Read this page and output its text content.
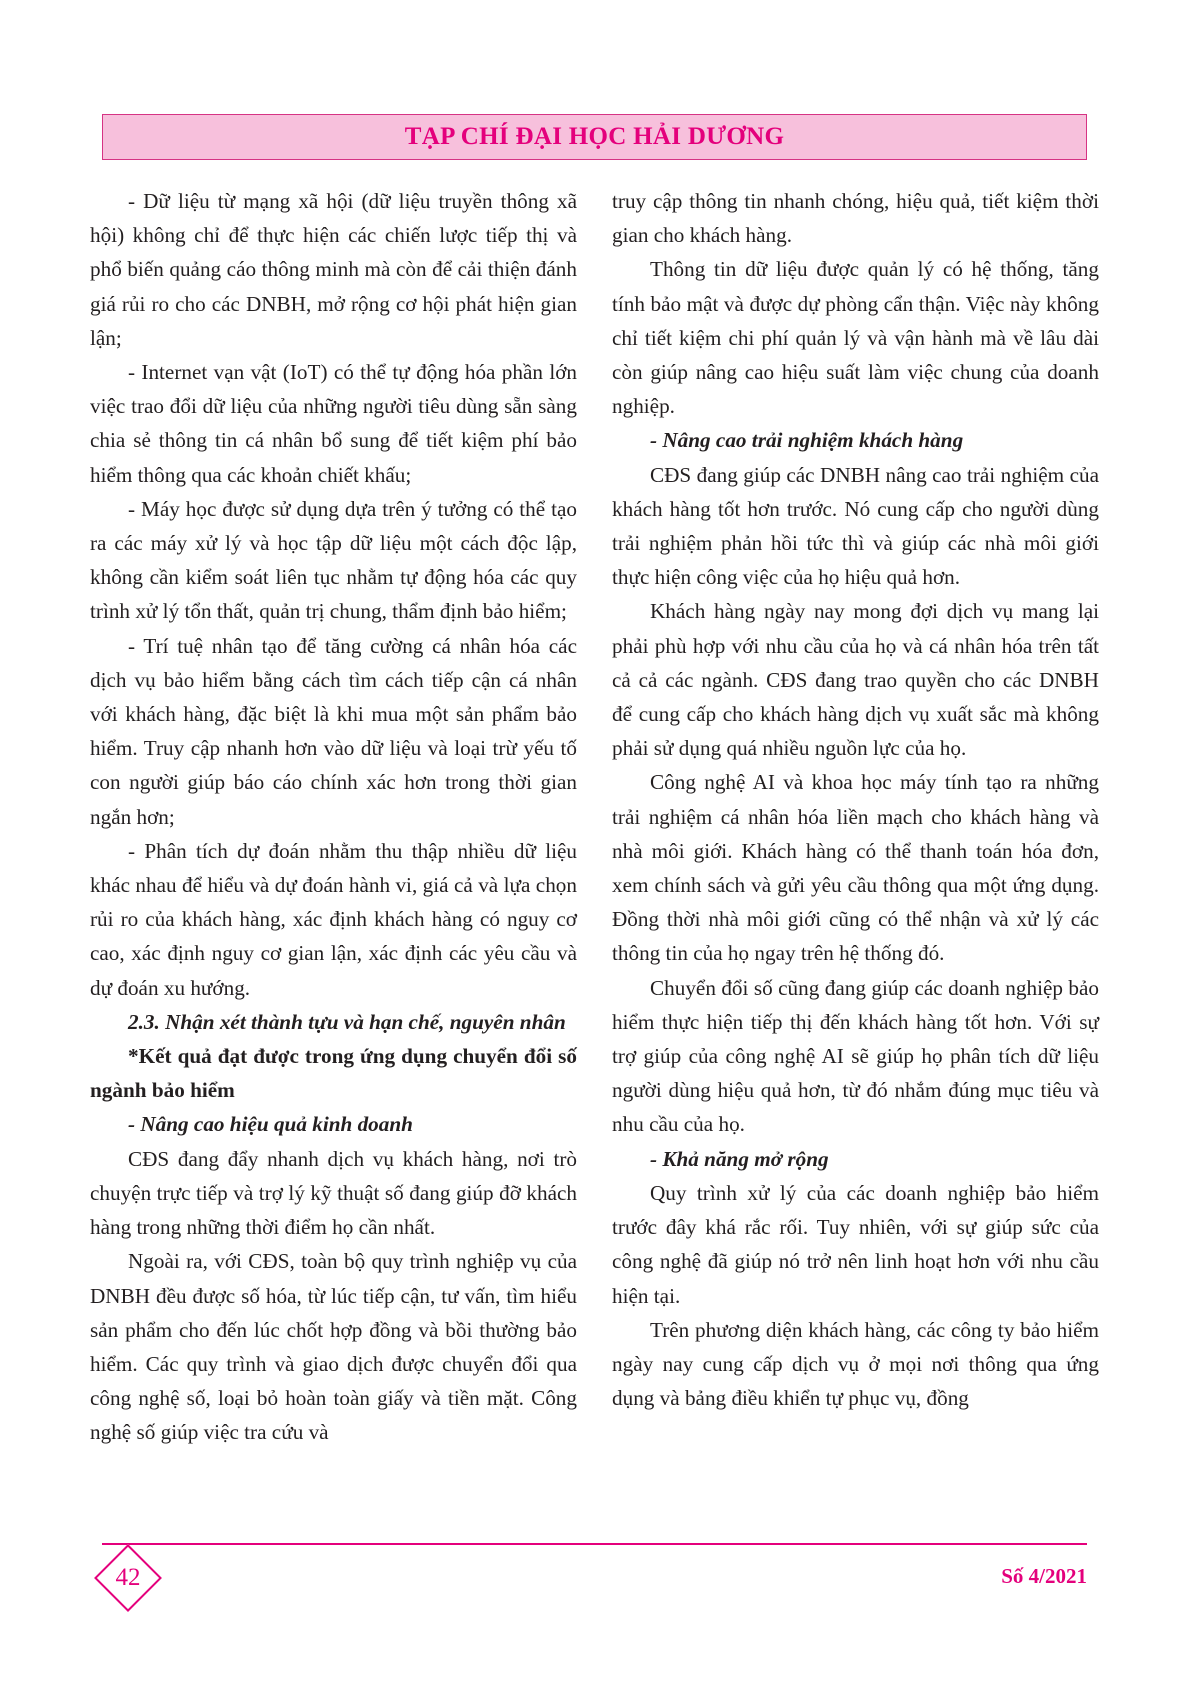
TẠP CHÍ ĐẠI HỌC HẢI DƯƠNG

- Dữ liệu từ mạng xã hội (dữ liệu truyền thông xã hội) không chỉ để thực hiện các chiến lược tiếp thị và phổ biến quảng cáo thông minh mà còn để cải thiện đánh giá rủi ro cho các DNBH, mở rộng cơ hội phát hiện gian lận;

- Internet vạn vật (IoT) có thể tự động hóa phần lớn việc trao đổi dữ liệu của những người tiêu dùng sẵn sàng chia sẻ thông tin cá nhân bổ sung để tiết kiệm phí bảo hiểm thông qua các khoản chiết khấu;

- Máy học được sử dụng dựa trên ý tưởng có thể tạo ra các máy xử lý và học tập dữ liệu một cách độc lập, không cần kiểm soát liên tục nhằm tự động hóa các quy trình xử lý tổn thất, quản trị chung, thẩm định bảo hiểm;

- Trí tuệ nhân tạo để tăng cường cá nhân hóa các dịch vụ bảo hiểm bằng cách tìm cách tiếp cận cá nhân với khách hàng, đặc biệt là khi mua một sản phẩm bảo hiểm. Truy cập nhanh hơn vào dữ liệu và loại trừ yếu tố con người giúp báo cáo chính xác hơn trong thời gian ngắn hơn;

- Phân tích dự đoán nhằm thu thập nhiều dữ liệu khác nhau để hiểu và dự đoán hành vi, giá cả và lựa chọn rủi ro của khách hàng, xác định khách hàng có nguy cơ cao, xác định nguy cơ gian lận, xác định các yêu cầu và dự đoán xu hướng.

2.3. Nhận xét thành tựu và hạn chế, nguyên nhân

*Kết quả đạt được trong ứng dụng chuyển đổi số ngành bảo hiểm

- Nâng cao hiệu quả kinh doanh

CĐS đang đẩy nhanh dịch vụ khách hàng, nơi trò chuyện trực tiếp và trợ lý kỹ thuật số đang giúp đỡ khách hàng trong những thời điểm họ cần nhất.

Ngoài ra, với CĐS, toàn bộ quy trình nghiệp vụ của DNBH đều được số hóa, từ lúc tiếp cận, tư vấn, tìm hiểu sản phẩm cho đến lúc chốt hợp đồng và bồi thường bảo hiểm. Các quy trình và giao dịch được chuyển đổi qua công nghệ số, loại bỏ hoàn toàn giấy và tiền mặt. Công nghệ số giúp việc tra cứu và

truy cập thông tin nhanh chóng, hiệu quả, tiết kiệm thời gian cho khách hàng.

Thông tin dữ liệu được quản lý có hệ thống, tăng tính bảo mật và được dự phòng cẩn thận. Việc này không chỉ tiết kiệm chi phí quản lý và vận hành mà về lâu dài còn giúp nâng cao hiệu suất làm việc chung của doanh nghiệp.

- Nâng cao trải nghiệm khách hàng

CĐS đang giúp các DNBH nâng cao trải nghiệm của khách hàng tốt hơn trước. Nó cung cấp cho người dùng trải nghiệm phản hồi tức thì và giúp các nhà môi giới thực hiện công việc của họ hiệu quả hơn.

Khách hàng ngày nay mong đợi dịch vụ mang lại phải phù hợp với nhu cầu của họ và cá nhân hóa trên tất cả cả các ngành. CĐS đang trao quyền cho các DNBH để cung cấp cho khách hàng dịch vụ xuất sắc mà không phải sử dụng quá nhiều nguồn lực của họ.

Công nghệ AI và khoa học máy tính tạo ra những trải nghiệm cá nhân hóa liền mạch cho khách hàng và nhà môi giới. Khách hàng có thể thanh toán hóa đơn, xem chính sách và gửi yêu cầu thông qua một ứng dụng. Đồng thời nhà môi giới cũng có thể nhận và xử lý các thông tin của họ ngay trên hệ thống đó.

Chuyển đổi số cũng đang giúp các doanh nghiệp bảo hiểm thực hiện tiếp thị đến khách hàng tốt hơn. Với sự trợ giúp của công nghệ AI sẽ giúp họ phân tích dữ liệu người dùng hiệu quả hơn, từ đó nhắm đúng mục tiêu và nhu cầu của họ.

- Khả năng mở rộng

Quy trình xử lý của các doanh nghiệp bảo hiểm trước đây khá rắc rối. Tuy nhiên, với sự giúp sức của công nghệ đã giúp nó trở nên linh hoạt hơn với nhu cầu hiện tại.

Trên phương diện khách hàng, các công ty bảo hiểm ngày nay cung cấp dịch vụ ở mọi nơi thông qua ứng dụng và bảng điều khiển tự phục vụ, đồng

42	Số 4/2021
